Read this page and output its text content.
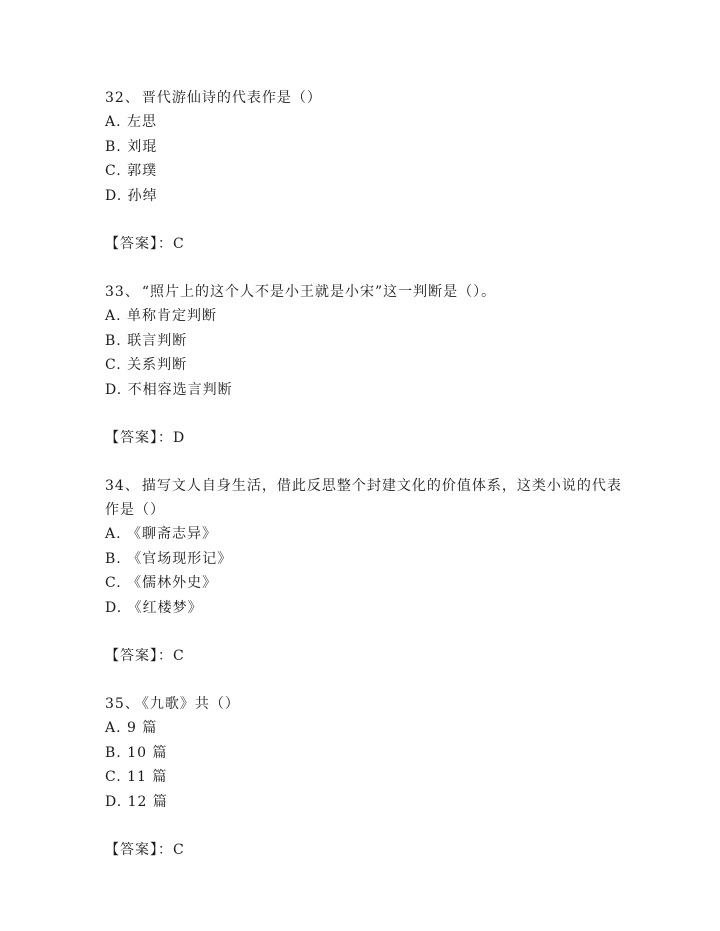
32、 晋代游仙诗的代表作是（）

A. 左思

B. 刘琨

C. 郭璞

D. 孙绰

【答案】：C

33、 “照片上的这个人不是小王就是小宋”这一判断是（）。

A. 单称肯定判断

B. 联言判断

C. 关系判断

D. 不相容选言判断

【答案】：D

34、 描写文人自身生活，借此反思整个封建文化的价值体系，这类小说的代表作是（）

A. 《聊斋志异》

B. 《官场现形记》

C. 《儒林外史》

D. 《红楼梦》

【答案】：C

35、 《九歌》共（）

A. 9 篇

B. 10 篇

C. 11 篇

D. 12 篇

【答案】：C
